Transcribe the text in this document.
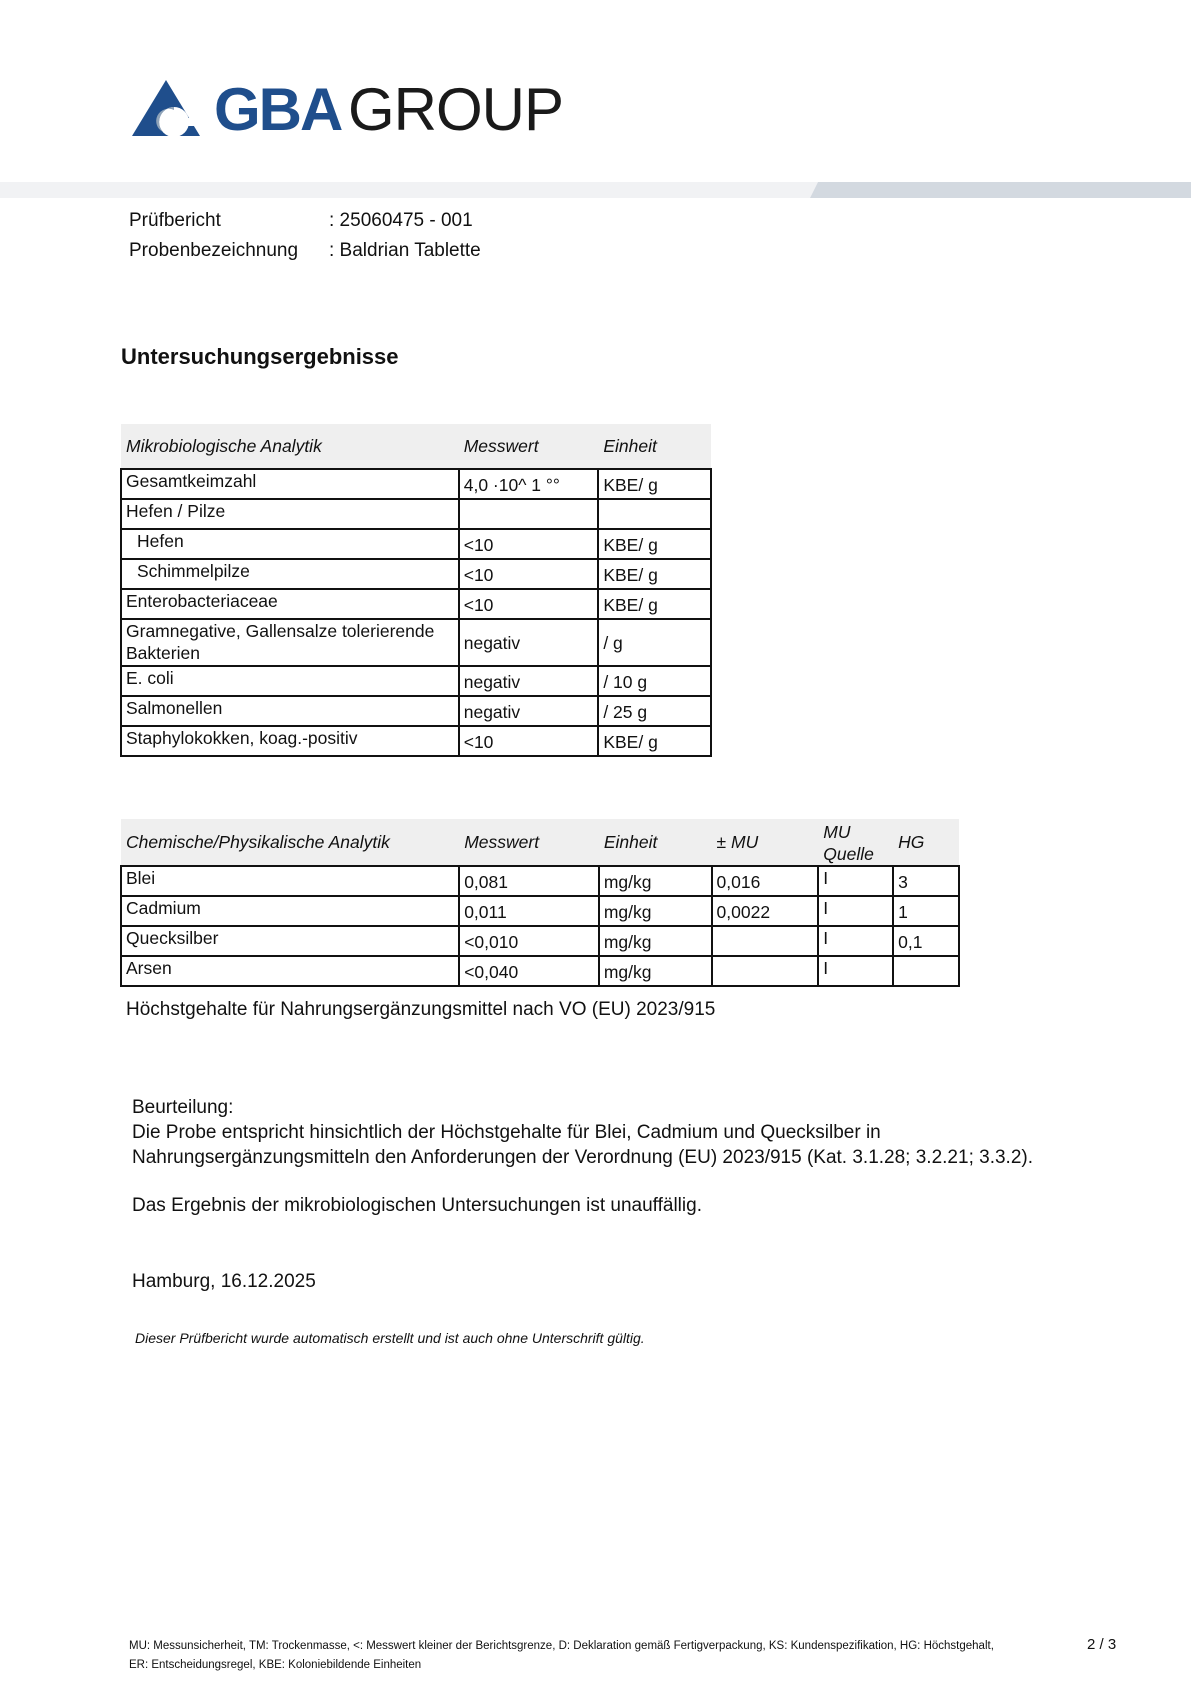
GBA GROUP
Prüfbericht	: 25060475 - 001
Probenbezeichnung : Baldrian Tablette
Untersuchungsergebnisse
Mikrobiologische Analytik	Messwert	Einheit
Gesamtkeimzahl	4,0 ·10^ 1 °°	KBE/ g
Hefen / Pilze		
Hefen	<10	KBE/ g
Schimmelpilze	<10	KBE/ g
Enterobacteriaceae	<10	KBE/ g
Gramnegative, Gallensalze tolerierende Bakterien	negativ	/ g
E. coli	negativ	/ 10 g
Salmonellen	negativ	/ 25 g
Staphylokokken, koag.-positiv	<10	KBE/ g
Chemische/Physikalische Analytik	Messwert	Einheit	± MU	MU Quelle	HG
Blei	0,081	mg/kg	0,016	I	3
Cadmium	0,011	mg/kg	0,0022	I	1
Quecksilber	<0,010	mg/kg		I	0,1
Arsen	<0,040	mg/kg		I	
Höchstgehalte für Nahrungsergänzungsmittel nach VO (EU) 2023/915
Beurteilung:
Die Probe entspricht hinsichtlich der Höchstgehalte für Blei, Cadmium und Quecksilber in
Nahrungsergänzungsmitteln den Anforderungen der Verordnung (EU) 2023/915 (Kat. 3.1.28; 3.2.21; 3.3.2).
Das Ergebnis der mikrobiologischen Untersuchungen ist unauffällig.
Hamburg, 16.12.2025
Dieser Prüfbericht wurde automatisch erstellt und ist auch ohne Unterschrift gültig.
MU: Messunsicherheit, TM: Trockenmasse, <: Messwert kleiner der Berichtsgrenze, D: Deklaration gemäß Fertigverpackung, KS: Kundenspezifikation, HG: Höchstgehalt,
ER: Entscheidungsregel, KBE: Koloniebildende Einheiten
2 / 3
